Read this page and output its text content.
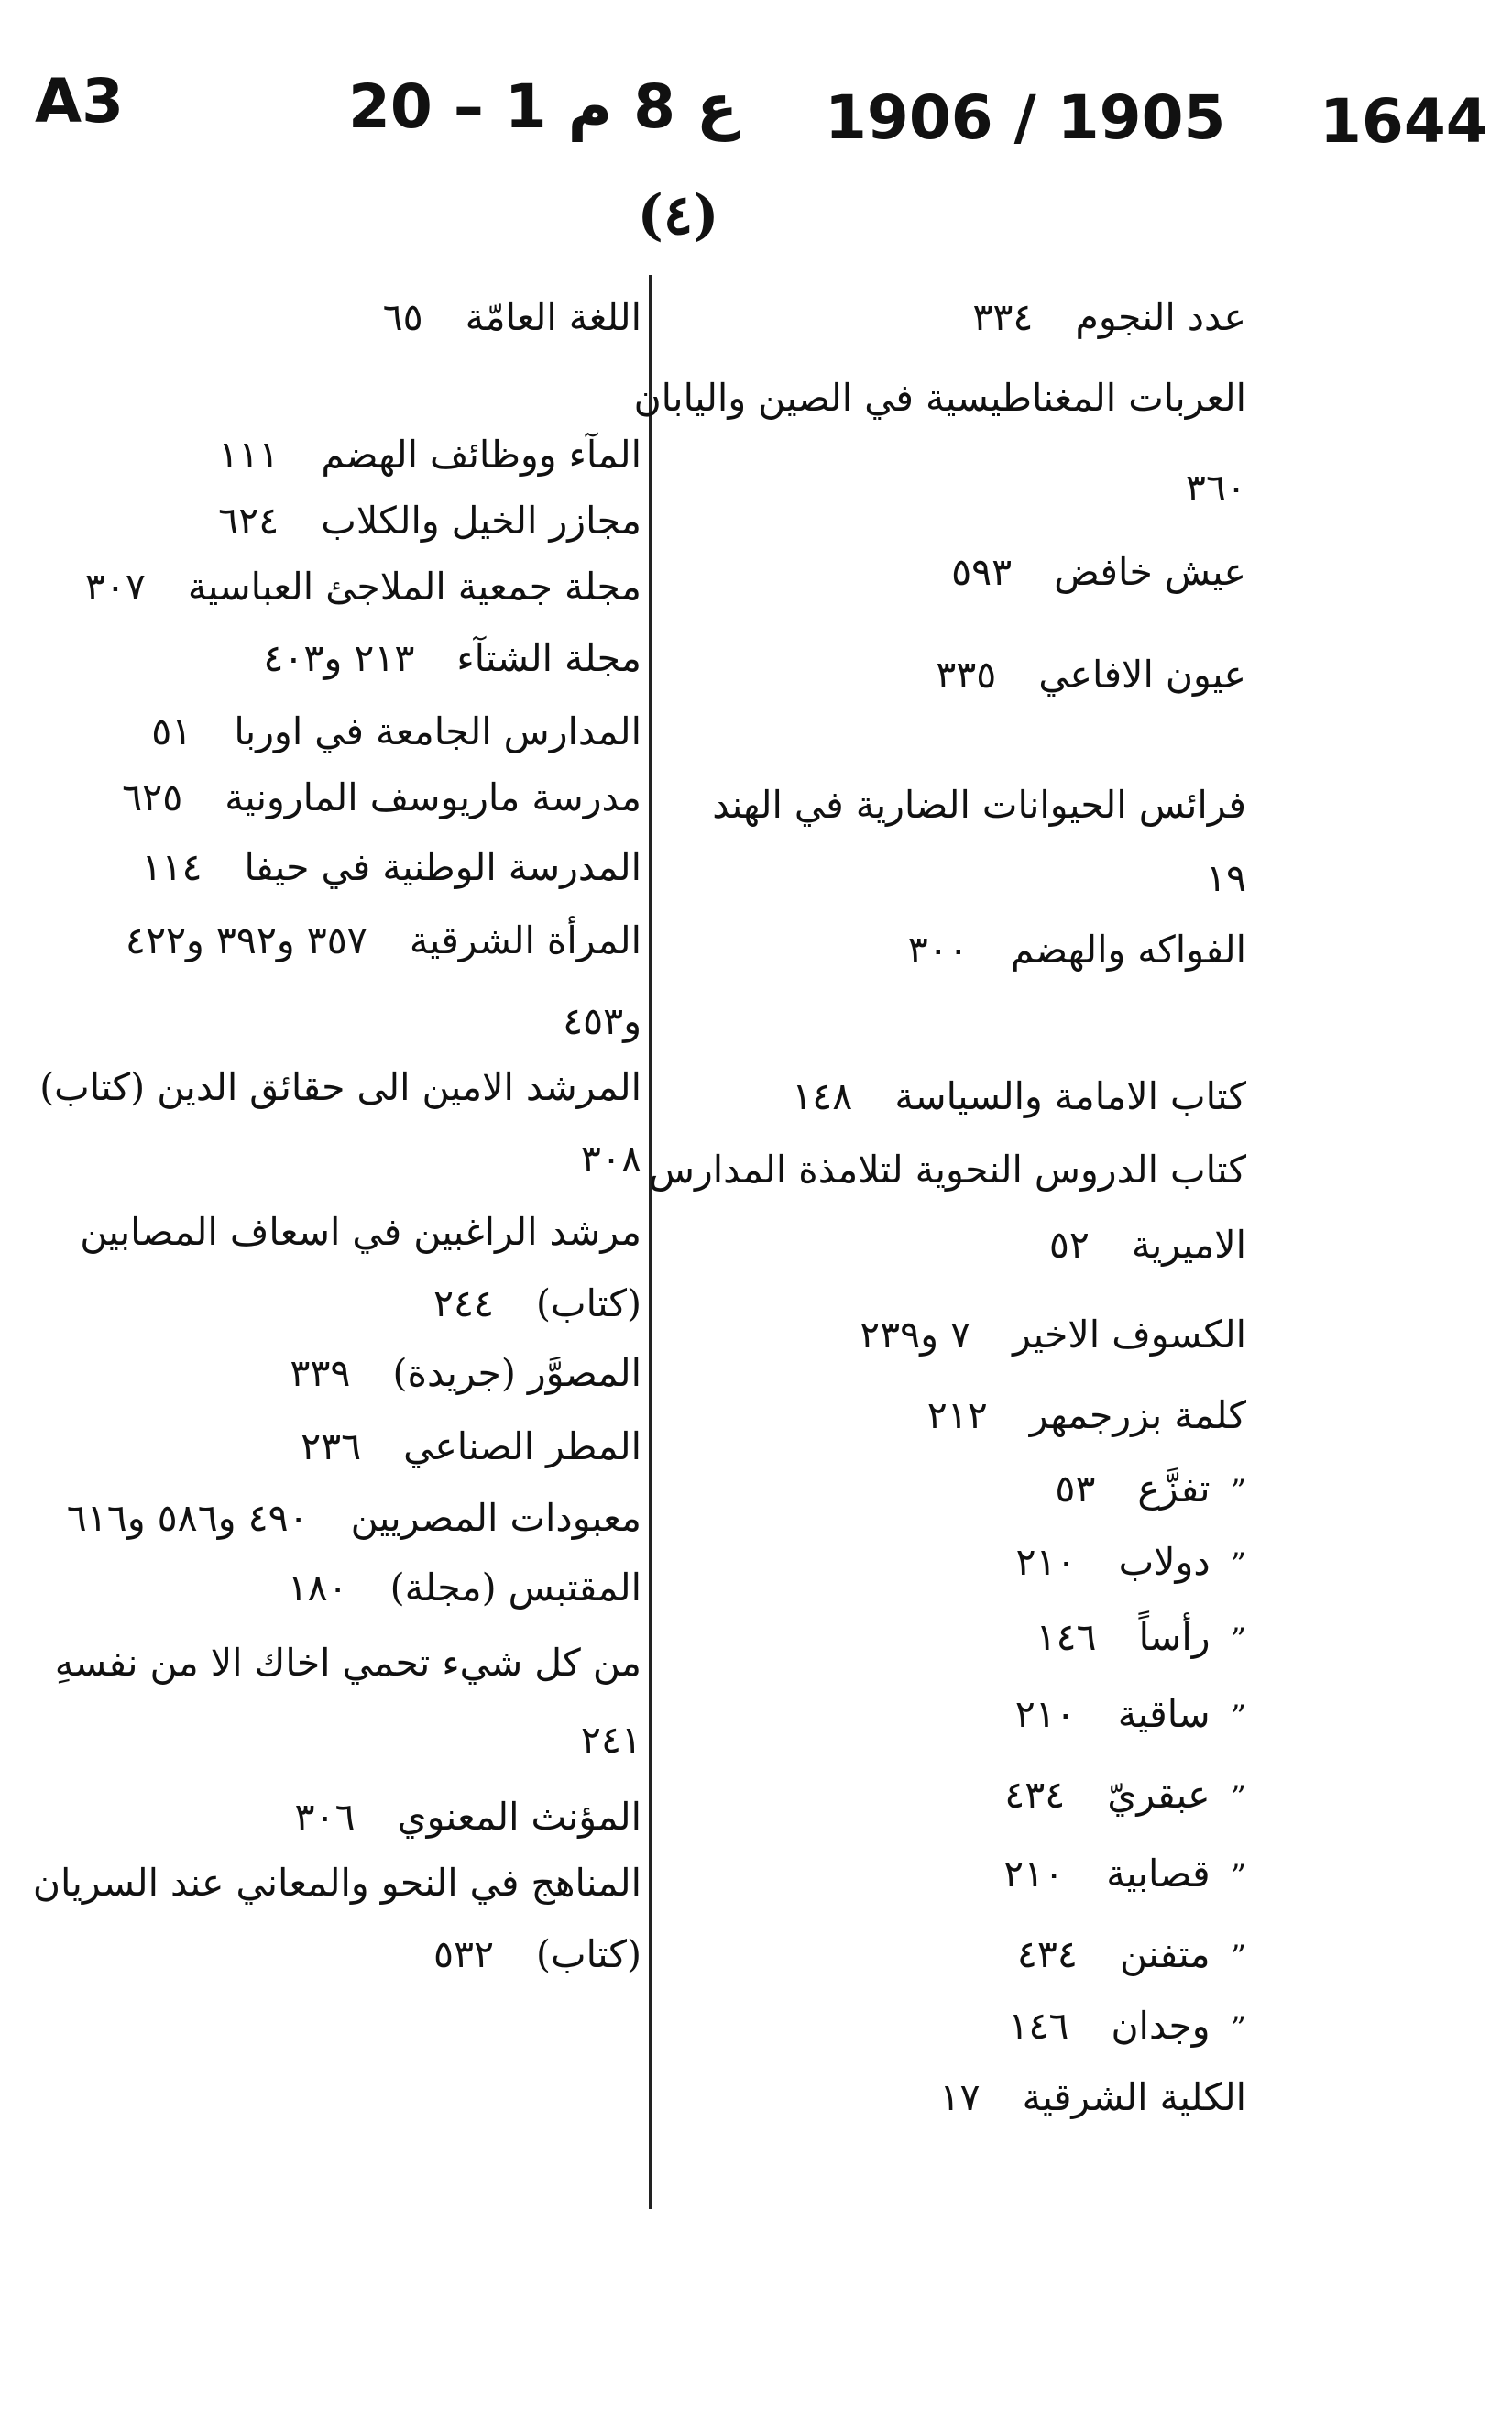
A3	20 – 1 ع 8 م 1906 / 1905 1644
(٤)
عدد النجوم٣٣٤
العربات المغناطيسية في الصين واليابان
٣٦٠
عيش خافض٥٩٣
عيون الافاعي٣٣٥
فرائس الحيوانات الضارية في الهند
١٩
الفواكه والهضم٣٠٠
كتاب الامامة والسياسة١٤٨
كتاب الدروس النحوية لتلامذة المدارس
الاميرية٥٢
الكسوف الاخير٧ و٢٣٩
كلمة بزرجمهر٢١٢
”تفزَّع٥٣
”دولاب٢١٠
”رأساً١٤٦
”ساقية٢١٠
”عبقريّ٤٣٤
”قصابية٢١٠
”متفنن٤٣٤
”وجدان١٤٦
الكلية الشرقية١٧
اللغة العامّة٦٥
المآء ووظائف الهضم١١١
مجازر الخيل والكلاب٦٢٤
مجلة جمعية الملاجئ العباسية٣٠٧
مجلة الشتآء٢١٣ و٤٠٣
المدارس الجامعة في اوربا٥١
مدرسة ماريوسف المارونية٦٢٥
المدرسة الوطنية في حيفا١١٤
المرأة الشرقية٣٥٧ و٣٩٢ و٤٢٢
و٤٥٣
المرشد الامين الى حقائق الدين (كتاب)
٣٠٨
مرشد الراغبين في اسعاف المصابين
(كتاب)٢٤٤
المصوَّر (جريدة)٣٣٩
المطر الصناعي٢٣٦
معبودات المصريين٤٩٠ و٥٨٦ و٦١٦
المقتبس (مجلة)١٨٠
من كل شيء تحمي اخاك الا من نفسهِ
٢٤١
المؤنث المعنوي٣٠٦
المناهج في النحو والمعاني عند السريان
(كتاب)٥٣٢
